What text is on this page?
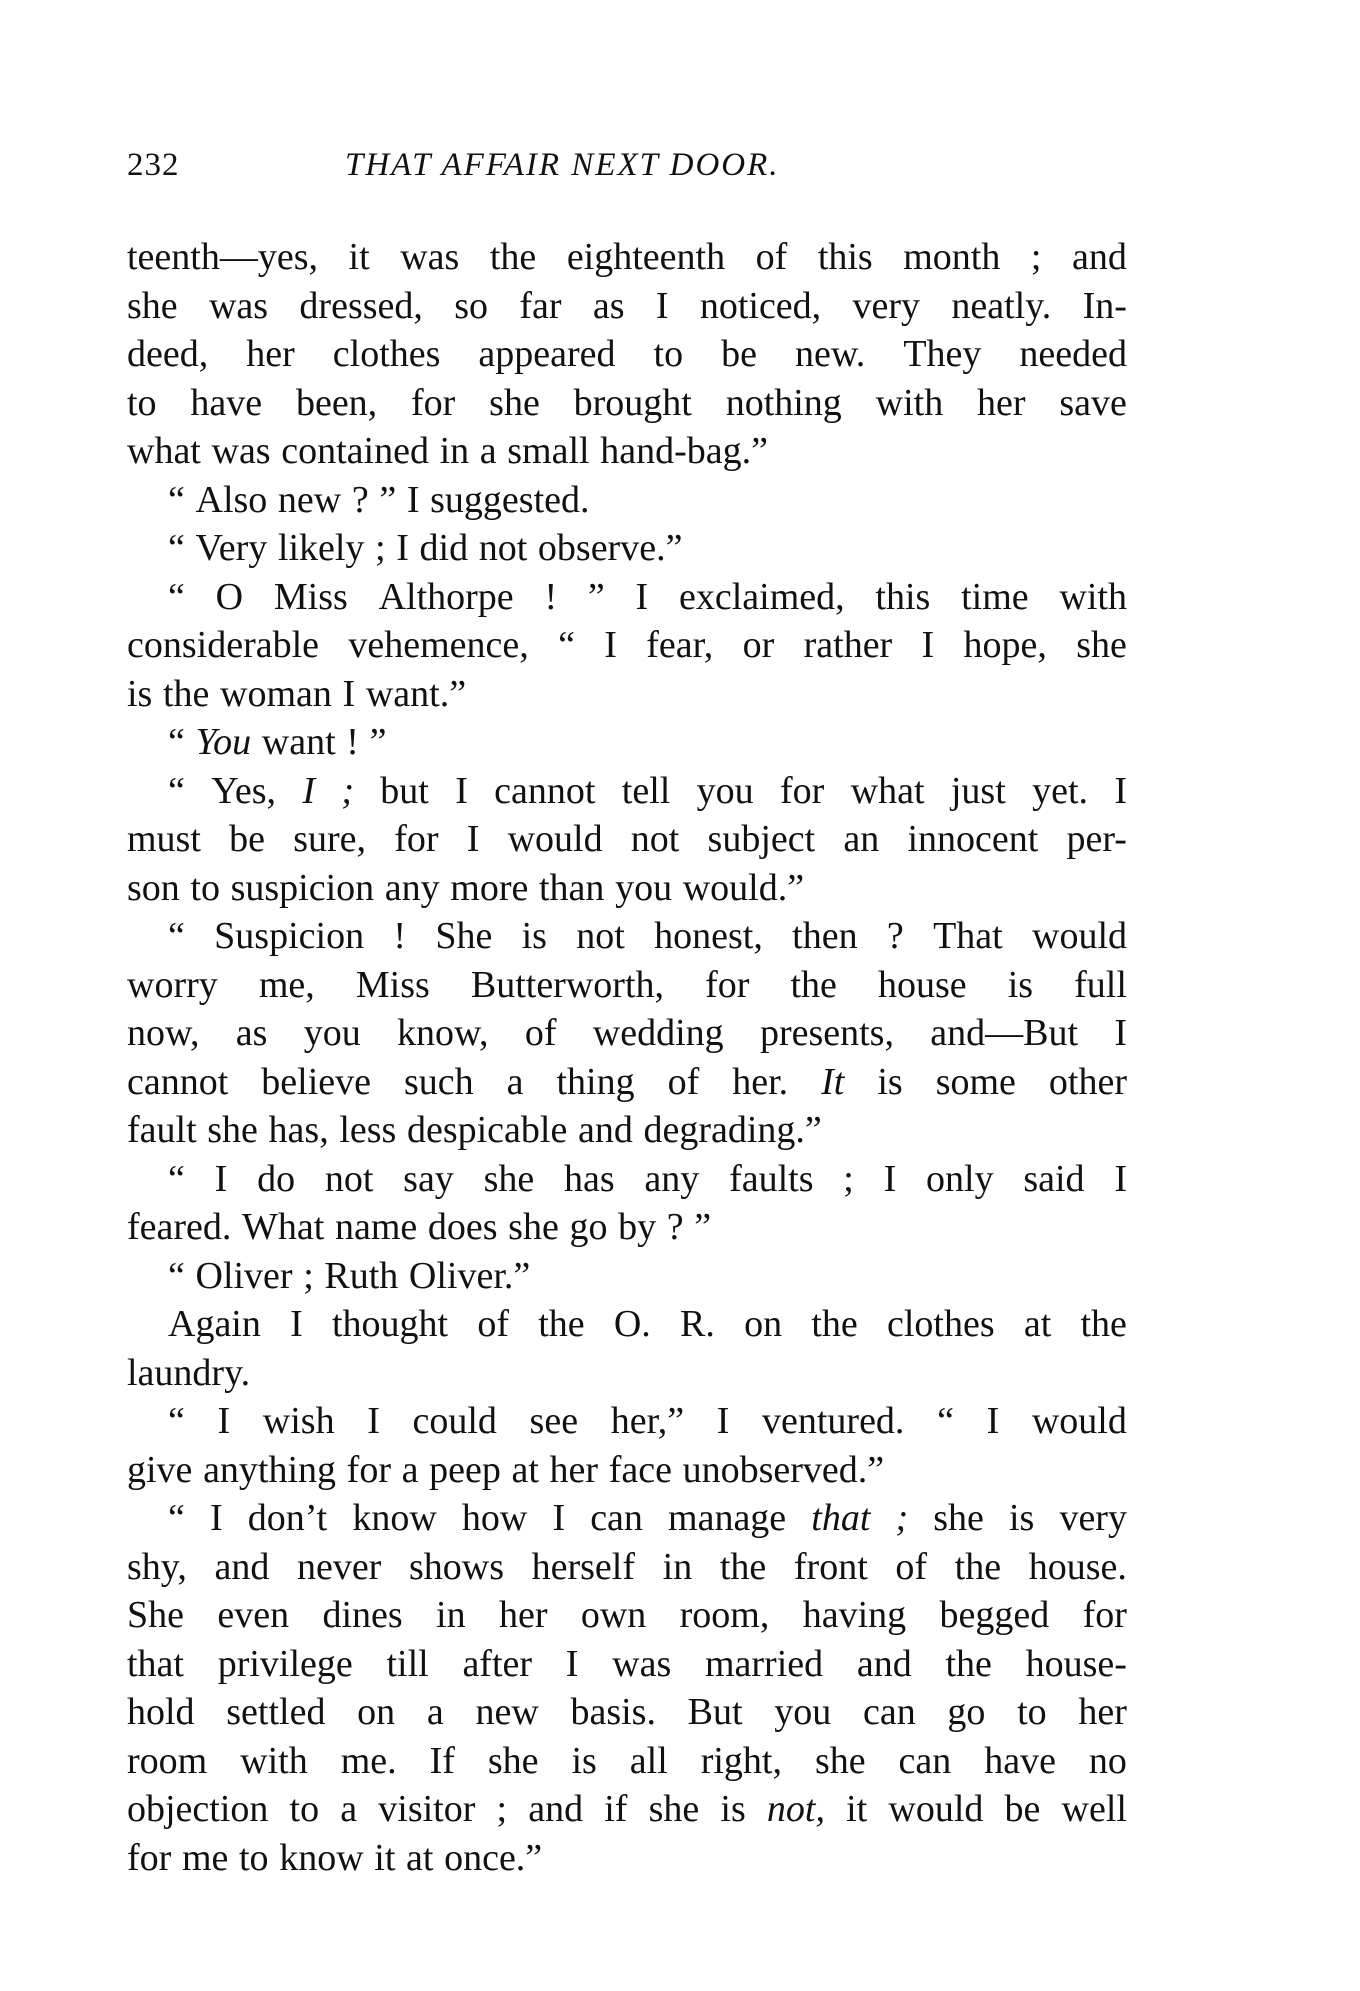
232	THAT AFFAIR NEXT DOOR.
teenth—yes, it was the eighteenth of this month ; and
she was dressed, so far as I noticed, very neatly. In-
deed, her clothes appeared to be new. They needed
to have been, for she brought nothing with her save
what was contained in a small hand-bag.”
“ Also new ? ” I suggested.
“ Very likely ; I did not observe.”
“ O Miss Althorpe ! ” I exclaimed, this time with
considerable vehemence, “ I fear, or rather I hope, she
is the woman I want.”
“ You want ! ”
“ Yes, I ; but I cannot tell you for what just yet. I
must be sure, for I would not subject an innocent per-
son to suspicion any more than you would.”
“ Suspicion ! She is not honest, then ? That would
worry me, Miss Butterworth, for the house is full
now, as you know, of wedding presents, and—But I
cannot believe such a thing of her. It is some other
fault she has, less despicable and degrading.”
“ I do not say she has any faults ; I only said I
feared. What name does she go by ? ”
“ Oliver ; Ruth Oliver.”
Again I thought of the O. R. on the clothes at the
laundry.
“ I wish I could see her,” I ventured. “ I would
give anything for a peep at her face unobserved.”
“ I don’t know how I can manage that ; she is very
shy, and never shows herself in the front of the house.
She even dines in her own room, having begged for
that privilege till after I was married and the house-
hold settled on a new basis. But you can go to her
room with me. If she is all right, she can have no
objection to a visitor ; and if she is not, it would be well
for me to know it at once.”
